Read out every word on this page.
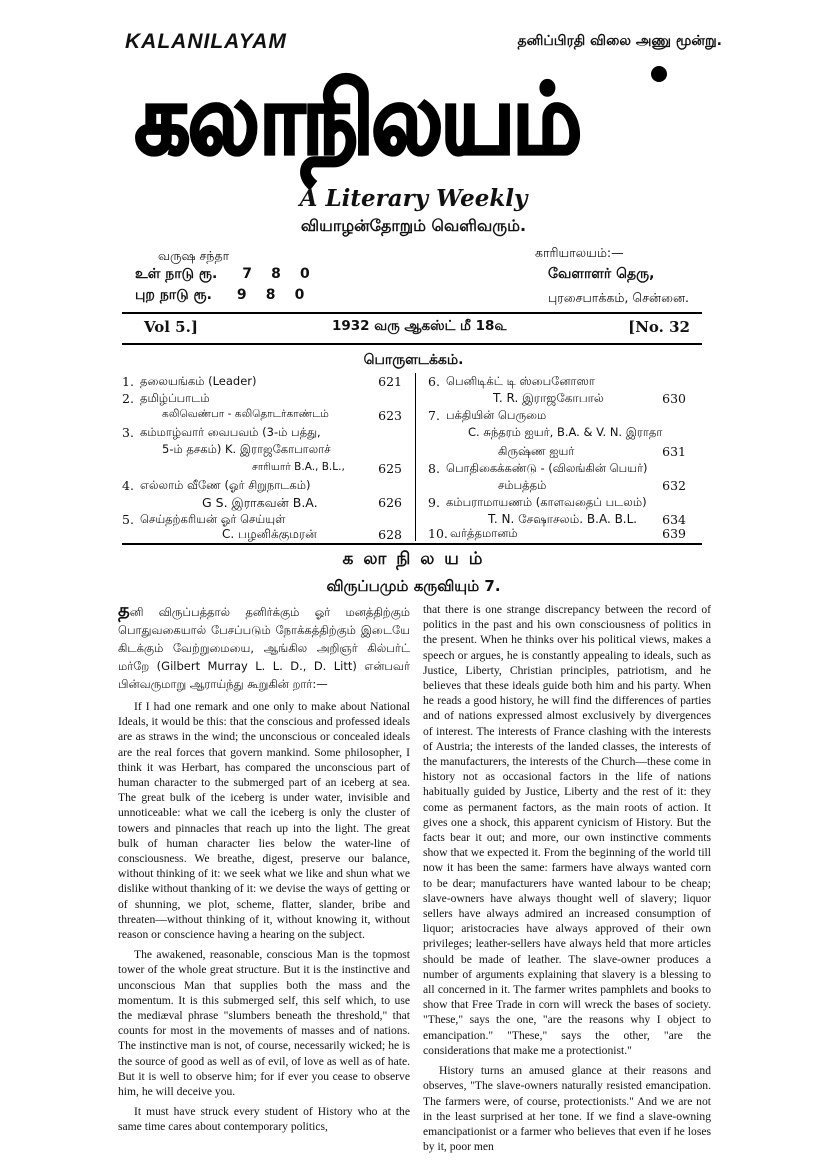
KALANILAYAM	தனிப்பிரதி விலை அணு மூன்று.
கலாநிலயம்
A Literary Weekly
வியாழன்தோறும் வெளிவரும்.
வருஷ சந்தா
உள் நாடு ரூ. 7 8 0
புற நாடு ரூ. 9 8 0
காரியாலயம்:—
வேளாளர் தெரு,
புரசைபாக்கம், சென்னை.
Vol 5.]	1932 வரு ஆகஸ்ட் மீ 18௳	[No. 32
பொருளடக்கம்.
1. தலையங்கம் (Leader)	621
2. தமிழ்ப்பாடம்
கலிவெண்பா - கலிதொடர்காண்டம்	623
3. கம்மாழ்வார் வைபவம் (3-ம் பத்து,
5-ம் தசகம்) K. இராஜகோபாலாச்
சாரியார் B.A., B.L.,	625
4. எல்லாம் வீணே (ஓர் சிறுநாடகம்)
G S. இராகவன் B.A.	626
5. செய்தற்கரியன் ஓர் செய்யுள்
C. பழனிக்குமரன்	628
6. பெனிடிக்ட் டி ஸ்பைனோஸா
T. R. இராஜகோபால்	630
7. பக்தியின் பெருமை
C. சுந்தரம் ஐயர், B.A. & V. N. இராதா
கிருஷ்ண ஐயர்	631
8. பொதிகைக்கண்டு - (விலங்கின் பெயர்)
சம்பத்தம்	632
9. கம்பராமாயணம் (காளவதைப் படலம்)
T. N. சேஷாசலம். B.A. B.L. 634
10. வர்த்தமானம்	639
க லா நி ல ய ம்
விருப்பமும் கருவியும் 7.
தனி விருப்பத்தால் தனிர்க்கும் ஓர் மனத்திற்கும் பொதுவகையால் பேசப்படும் நோக்கத்திற்கும் இடையே கிடக்கும் வேற்றுமையை, ஆங்கில அறிஞர் கில்பர்ட் மர்றே (Gilbert Murray L. L. D., D. Litt) என்பவர் பின்வருமாறு ஆராய்ந்து கூறுகின் றார்:—

If I had one remark and one only to make about National Ideals, it would be this: that the conscious and professed ideals are as straws in the wind; the unconscious or concealed ideals are the real forces that govern mankind. Some philosopher, I think it was Herbart, has compared the unconscious part of human character to the submerged part of an iceberg at sea. The great bulk of the iceberg is under water, invisible and unnoticeable: what we call the iceberg is only the cluster of towers and pinnacles that reach up into the light. The great bulk of human character lies below the water-line of consciousness. We breathe, digest, preserve our balance, without thinking of it: we seek what we like and shun what we dislike without thanking of it: we devise the ways of getting or of shunning, we plot, scheme, flatter, slander, bribe and threaten—without thinking of it, without knowing it, without reason or conscience having a hearing on the subject.

The awakened, reasonable, conscious Man is the topmost tower of the whole great structure. But it is the instinctive and unconscious Man that supplies both the mass and the momentum. It is this submerged self, this self which, to use the mediæval phrase "slumbers beneath the threshold," that counts for most in the movements of masses and of nations. The instinctive man is not, of course, necessarily wicked; he is the source of good as well as of evil, of love as well as of hate. But it is well to observe him; for if ever you cease to observe him, he will deceive you.

It must have struck every student of History who at the same time cares about contemporary politics,

that there is one strange discrepancy between the record of politics in the past and his own consciousness of politics in the present. When he thinks over his political views, makes a speech or argues, he is constantly appealing to ideals, such as Justice, Liberty, Christian principles, patriotism, and he believes that these ideals guide both him and his party. When he reads a good history, he will find the differences of parties and of nations expressed almost exclusively by divergences of interest. The interests of France clashing with the interests of Austria; the interests of the landed classes, the interests of the manufacturers, the interests of the Church—these come in history not as occasional factors in the life of nations habitually guided by Justice, Liberty and the rest of it: they come as permanent factors, as the main roots of action. It gives one a shock, this apparent cynicism of History. But the facts bear it out; and more, our own instinctive comments show that we expected it. From the beginning of the world till now it has been the same: farmers have always wanted corn to be dear; manufacturers have wanted labour to be cheap; slave-owners have always thought well of slavery; liquor sellers have always admired an increased consumption of liquor; aristocracies have always approved of their own privileges; leather-sellers have always held that more articles should be made of leather. The slave-owner produces a number of arguments explaining that slavery is a blessing to all concerned in it. The farmer writes pamphlets and books to show that Free Trade in corn will wreck the bases of society. "These," says the one, "are the reasons why I object to emancipation." "These," says the other, "are the considerations that make me a protectionist."

History turns an amused glance at their reasons and observes, "The slave-owners naturally resisted emancipation. The farmers were, of course, protectionists." And we are not in the least surprised at her tone. If we find a slave-owning emancipationist or a farmer who believes that even if he loses by it, poor men
